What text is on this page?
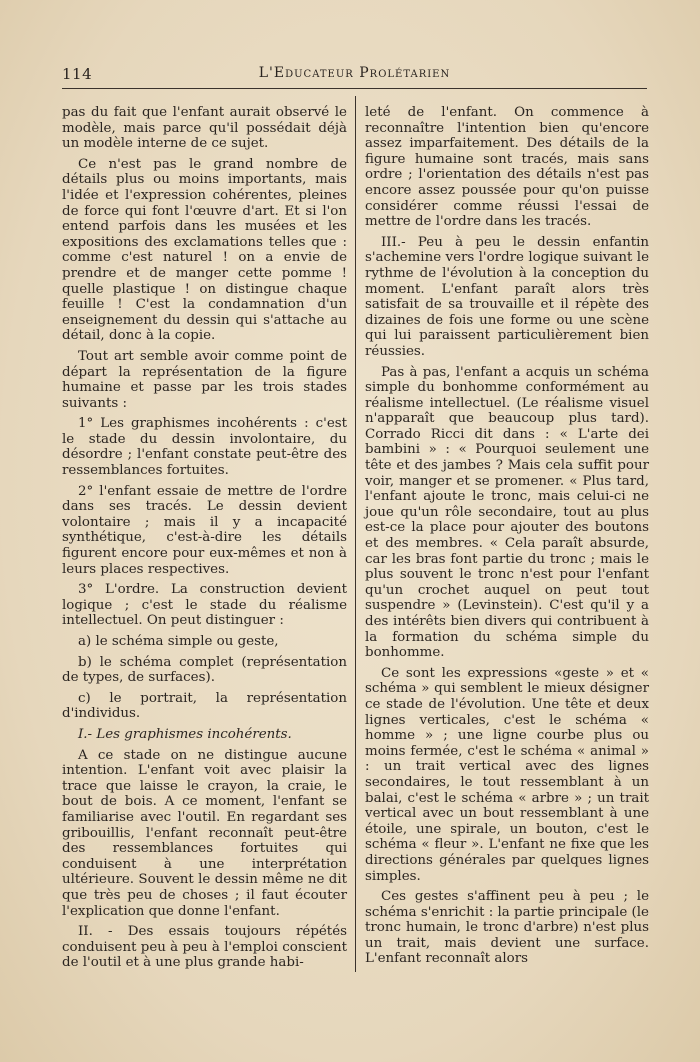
114	L'Educateur Prolétarien

pas du fait que l'enfant aurait observé le modèle, mais parce qu'il possédait déjà un modèle interne de ce sujet.

Ce n'est pas le grand nombre de détails plus ou moins importants, mais l'idée et l'expression cohérentes, pleines de force qui font l'œuvre d'art. Et si l'on entend parfois dans les musées et les expositions des exclamations telles que : comme c'est naturel ! on a envie de prendre et de manger cette pomme ! quelle plastique ! on distingue chaque feuille ! C'est la condamnation d'un enseignement du dessin qui s'attache au détail, donc à la copie.

Tout art semble avoir comme point de départ la représentation de la figure humaine et passe par les trois stades suivants :

1° Les graphismes incohérents : c'est le stade du dessin involontaire, du désordre ; l'enfant constate peut-être des ressemblances fortuites.

2° l'enfant essaie de mettre de l'ordre dans ses tracés. Le dessin devient volontaire ; mais il y a incapacité synthétique, c'est-à-dire les détails figurent encore pour eux-mêmes et non à leurs places respectives.

3° L'ordre. La construction devient logique ; c'est le stade du réalisme intellectuel. On peut distinguer :

a) le schéma simple ou geste,

b) le schéma complet (représentation de types, de surfaces).

c) le portrait, la représentation d'individus.

I.- Les graphismes incohérents.

A ce stade on ne distingue aucune intention. L'enfant voit avec plaisir la trace que laisse le crayon, la craie, le bout de bois. A ce moment, l'enfant se familiarise avec l'outil. En regardant ses gribouillis, l'enfant reconnaît peut-être des ressemblances fortuites qui conduisent à une interprétation ultérieure. Souvent le dessin même ne dit que très peu de choses ; il faut écouter l'explication que donne l'enfant.

II. - Des essais toujours répétés conduisent peu à peu à l'emploi conscient de l'outil et à une plus grande habi-

leté de l'enfant. On commence à reconnaître l'intention bien qu'encore assez imparfaitement. Des détails de la figure humaine sont tracés, mais sans ordre ; l'orientation des détails n'est pas encore assez poussée pour qu'on puisse considérer comme réussi l'essai de mettre de l'ordre dans les tracés.

III.- Peu à peu le dessin enfantin s'achemine vers l'ordre logique suivant le rythme de l'évolution à la conception du moment. L'enfant paraît alors très satisfait de sa trouvaille et il répète des dizaines de fois une forme ou une scène qui lui paraissent particulièrement bien réussies.

Pas à pas, l'enfant a acquis un schéma simple du bonhomme conformément au réalisme intellectuel. (Le réalisme visuel n'apparaît que beaucoup plus tard). Corrado Ricci dit dans : « L'arte dei bambini » : « Pourquoi seulement une tête et des jambes ? Mais cela suffit pour voir, manger et se promener. « Plus tard, l'enfant ajoute le tronc, mais celui-ci ne joue qu'un rôle secondaire, tout au plus est-ce la place pour ajouter des boutons et des membres. « Cela paraît absurde, car les bras font partie du tronc ; mais le plus souvent le tronc n'est pour l'enfant qu'un crochet auquel on peut tout suspendre » (Levinstein). C'est qu'il y a des intérêts bien divers qui contribuent à la formation du schéma simple du bonhomme.

Ce sont les expressions «geste » et « schéma » qui semblent le mieux désigner ce stade de l'évolution. Une tête et deux lignes verticales, c'est le schéma « homme » ; une ligne courbe plus ou moins fermée, c'est le schéma « animal » : un trait vertical avec des lignes secondaires, le tout ressemblant à un balai, c'est le schéma « arbre » ; un trait vertical avec un bout ressemblant à une étoile, une spirale, un bouton, c'est le schéma « fleur ». L'enfant ne fixe que les directions générales par quelques lignes simples.

Ces gestes s'affinent peu à peu ; le schéma s'enrichit : la partie principale (le tronc humain, le tronc d'arbre) n'est plus un trait, mais devient une surface. L'enfant reconnaît alors
